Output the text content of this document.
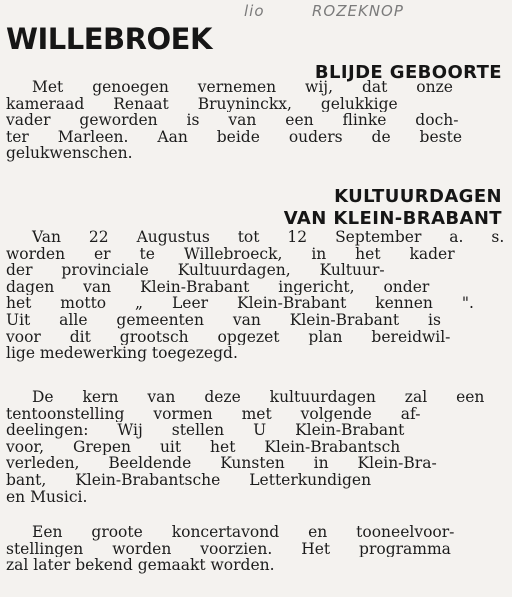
lio	ROZEKNOP
WILLEBROEK
BLIJDE GEBOORTE
Met genoegen vernemen wij, dat onze
kameraad Renaat Bruyninckx, gelukkige
vader geworden is van een flinke doch-
ter Marleen. Aan beide ouders de beste
gelukwenschen.
KULTUURDAGEN
VAN KLEIN-BRABANT
Van 22 Augustus tot 12 September a. s.
worden er te Willebroeck, in het kader
der provinciale Kultuurdagen, Kultuur-
dagen van Klein-Brabant ingericht, onder
het motto „ Leer Klein-Brabant kennen ".
Uit alle gemeenten van Klein-Brabant is
voor dit grootsch opgezet plan bereidwil-
lige medewerking toegezegd.
De kern van deze kultuurdagen zal een
tentoonstelling vormen met volgende af-
deelingen: Wij stellen U Klein-Brabant
voor, Grepen uit het Klein-Brabantsch
verleden, Beeldende Kunsten in Klein-Bra-
bant, Klein-Brabantsche Letterkundigen
en Musici.
Een groote koncertavond en tooneelvoor-
stellingen worden voorzien. Het programma
zal later bekend gemaakt worden.
